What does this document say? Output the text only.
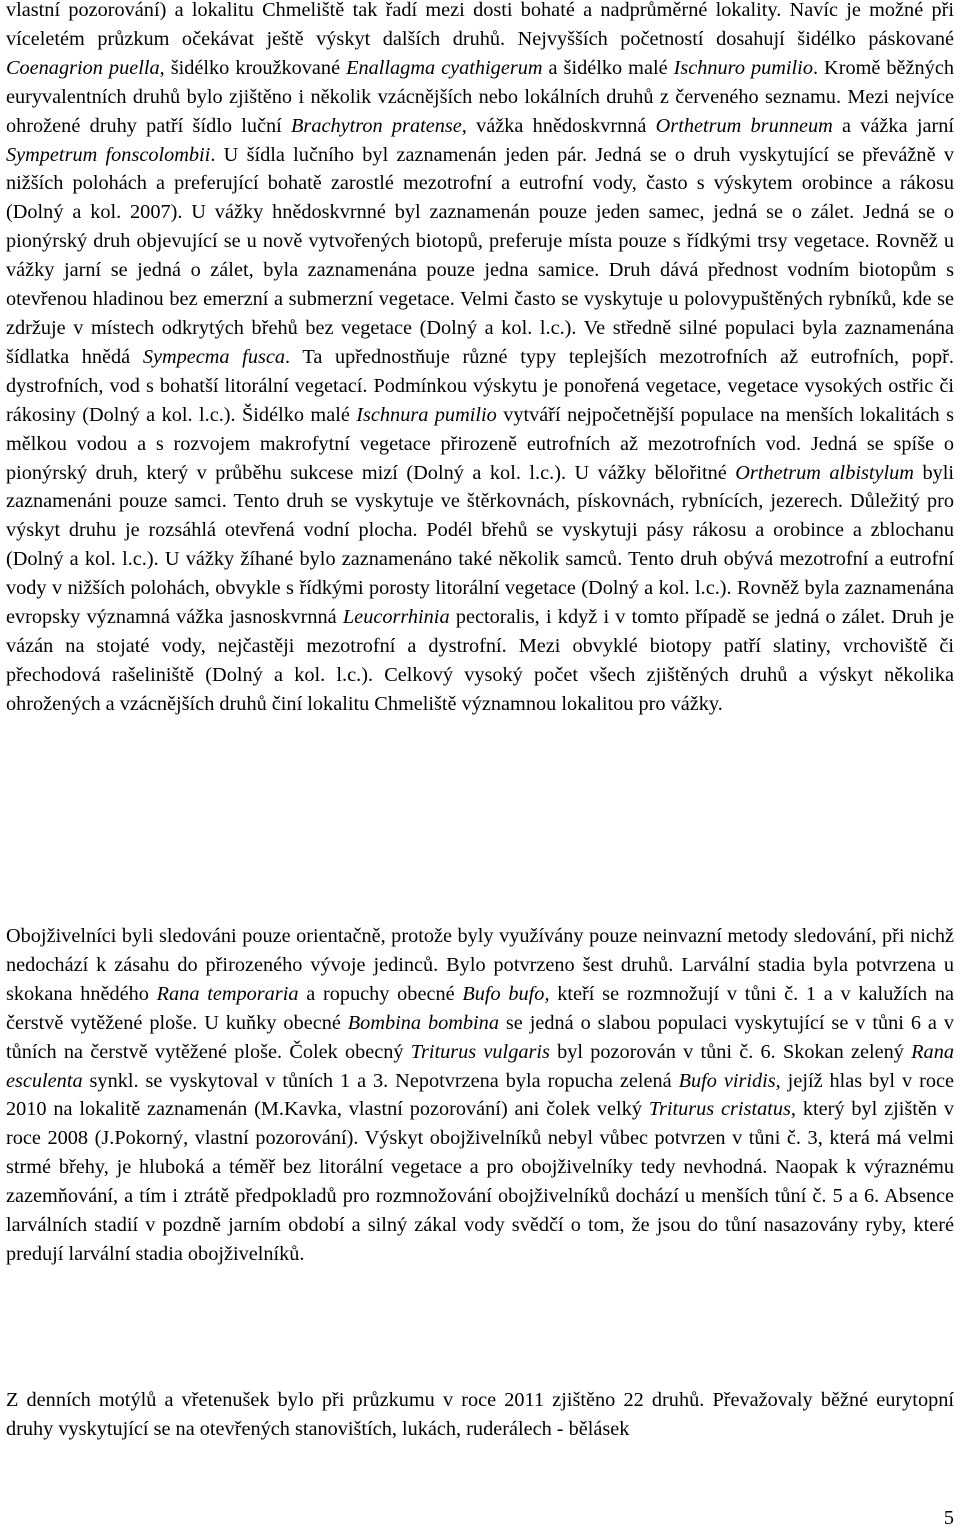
vlastní pozorování) a lokalitu Chmeliště tak řadí mezi dosti bohaté a nadprůměrné lokality. Navíc je možné při víceletém průzkum očekávat ještě výskyt dalších druhů. Nejvyšších početností dosahují šidélko páskované Coenagrion puella, šidélko kroužkované Enallagma cyathigerum a šidélko malé Ischnuro pumilio. Kromě běžných euryvalentních druhů bylo zjištěno i několik vzácnějších nebo lokálních druhů z červeného seznamu. Mezi nejvíce ohrožené druhy patří šídlo luční Brachytron pratense, vážka hnědoskvrnná Orthetrum brunneum a vážka jarní Sympetrum fonscolombii. U šídla lučního byl zaznamenán jeden pár. Jedná se o druh vyskytující se převážně v nižších polohách a preferující bohatě zarostlé mezotrofní a eutrofní vody, často s výskytem orobince a rákosu (Dolný a kol. 2007). U vážky hnědoskvrnné byl zaznamenán pouze jeden samec, jedná se o zálet. Jedná se o pionýrský druh objevující se u nově vytvořených biotopů, preferuje místa pouze s řídkými trsy vegetace. Rovněž u vážky jarní se jedná o zálet, byla zaznamenána pouze jedna samice. Druh dává přednost vodním biotopům s otevřenou hladinou bez emerzní a submerzní vegetace. Velmi často se vyskytuje u polovypuštěných rybníků, kde se zdržuje v místech odkrytých břehů bez vegetace (Dolný a kol. l.c.). Ve středně silné populaci byla zaznamenána šídlatka hnědá Sympecma fusca. Ta upřednostňuje různé typy teplejších mezotrofních až eutrofních, popř. dystrofních, vod s bohatší litorální vegetací. Podmínkou výskytu je ponořená vegetace, vegetace vysokých ostřic či rákosiny (Dolný a kol. l.c.). Šidélko malé Ischnura pumilio vytváří nejpočetnější populace na menších lokalitách s mělkou vodou a s rozvojem makrofytní vegetace přirozeně eutrofních až mezotrofních vod. Jedná se spíše o pionýrský druh, který v průběhu sukcese mizí (Dolný a kol. l.c.). U vážky bělořitné Orthetrum albistylum byli zaznamenáni pouze samci. Tento druh se vyskytuje ve štěrkovnách, pískovnách, rybnících, jezerech. Důležitý pro výskyt druhu je rozsáhlá otevřená vodní plocha. Podél břehů se vyskytuji pásy rákosu a orobince a zblochanu (Dolný a kol. l.c.). U vážky žíhané bylo zaznamenáno také několik samců. Tento druh obývá mezotrofní a eutrofní vody v nižších polohách, obvykle s řídkými porosty litorální vegetace (Dolný a kol. l.c.). Rovněž byla zaznamenána evropsky významná vážka jasnoskvrnná Leucorrhinia pectoralis, i když i v tomto případě se jedná o zálet. Druh je vázán na stojaté vody, nejčastěji mezotrofní a dystrofní. Mezi obvyklé biotopy patří slatiny, vrchoviště či přechodová rašeliniště (Dolný a kol. l.c.). Celkový vysoký počet všech zjištěných druhů a výskyt několika ohrožených a vzácnějších druhů činí lokalitu Chmeliště významnou lokalitou pro vážky.

Obojživelníci byli sledováni pouze orientačně, protože byly využívány pouze neinvazní metody sledování, při nichž nedochází k zásahu do přirozeného vývoje jedinců. Bylo potvrzeno šest druhů. Larvální stadia byla potvrzena u skokana hnědého Rana temporaria a ropuchy obecné Bufo bufo, kteří se rozmnožují v tůni č. 1 a v kalužích na čerstvě vytěžené ploše. U kuňky obecné Bombina bombina se jedná o slabou populaci vyskytující se v tůni 6 a v tůních na čerstvě vytěžené ploše. Čolek obecný Triturus vulgaris byl pozorován v tůni č. 6. Skokan zelený Rana esculenta synkl. se vyskytoval v tůních 1 a 3. Nepotvrzena byla ropucha zelená Bufo viridis, jejíž hlas byl v roce 2010 na lokalitě zaznamenán (M.Kavka, vlastní pozorování) ani čolek velký Triturus cristatus, který byl zjištěn v roce 2008 (J.Pokorný, vlastní pozorování). Výskyt obojživelníků nebyl vůbec potvrzen v tůni č. 3, která má velmi strmé břehy, je hluboká a téměř bez litorální vegetace a pro obojživelníky tedy nevhodná. Naopak k výraznému zazemňování, a tím i ztrátě předpokladů pro rozmnožování obojživelníků dochází u menších tůní č. 5 a 6. Absence larválních stadií v pozdně jarním období a silný zákal vody svědčí o tom, že jsou do tůní nasazovány ryby, které predují larvální stadia obojživelníků.

Z denních motýlů a vřetenušek bylo při průzkumu v roce 2011 zjištěno 22 druhů. Převažovaly běžné eurytopní druhy vyskytující se na otevřených stanovištích, lukách, ruderálech - bělásek

5
